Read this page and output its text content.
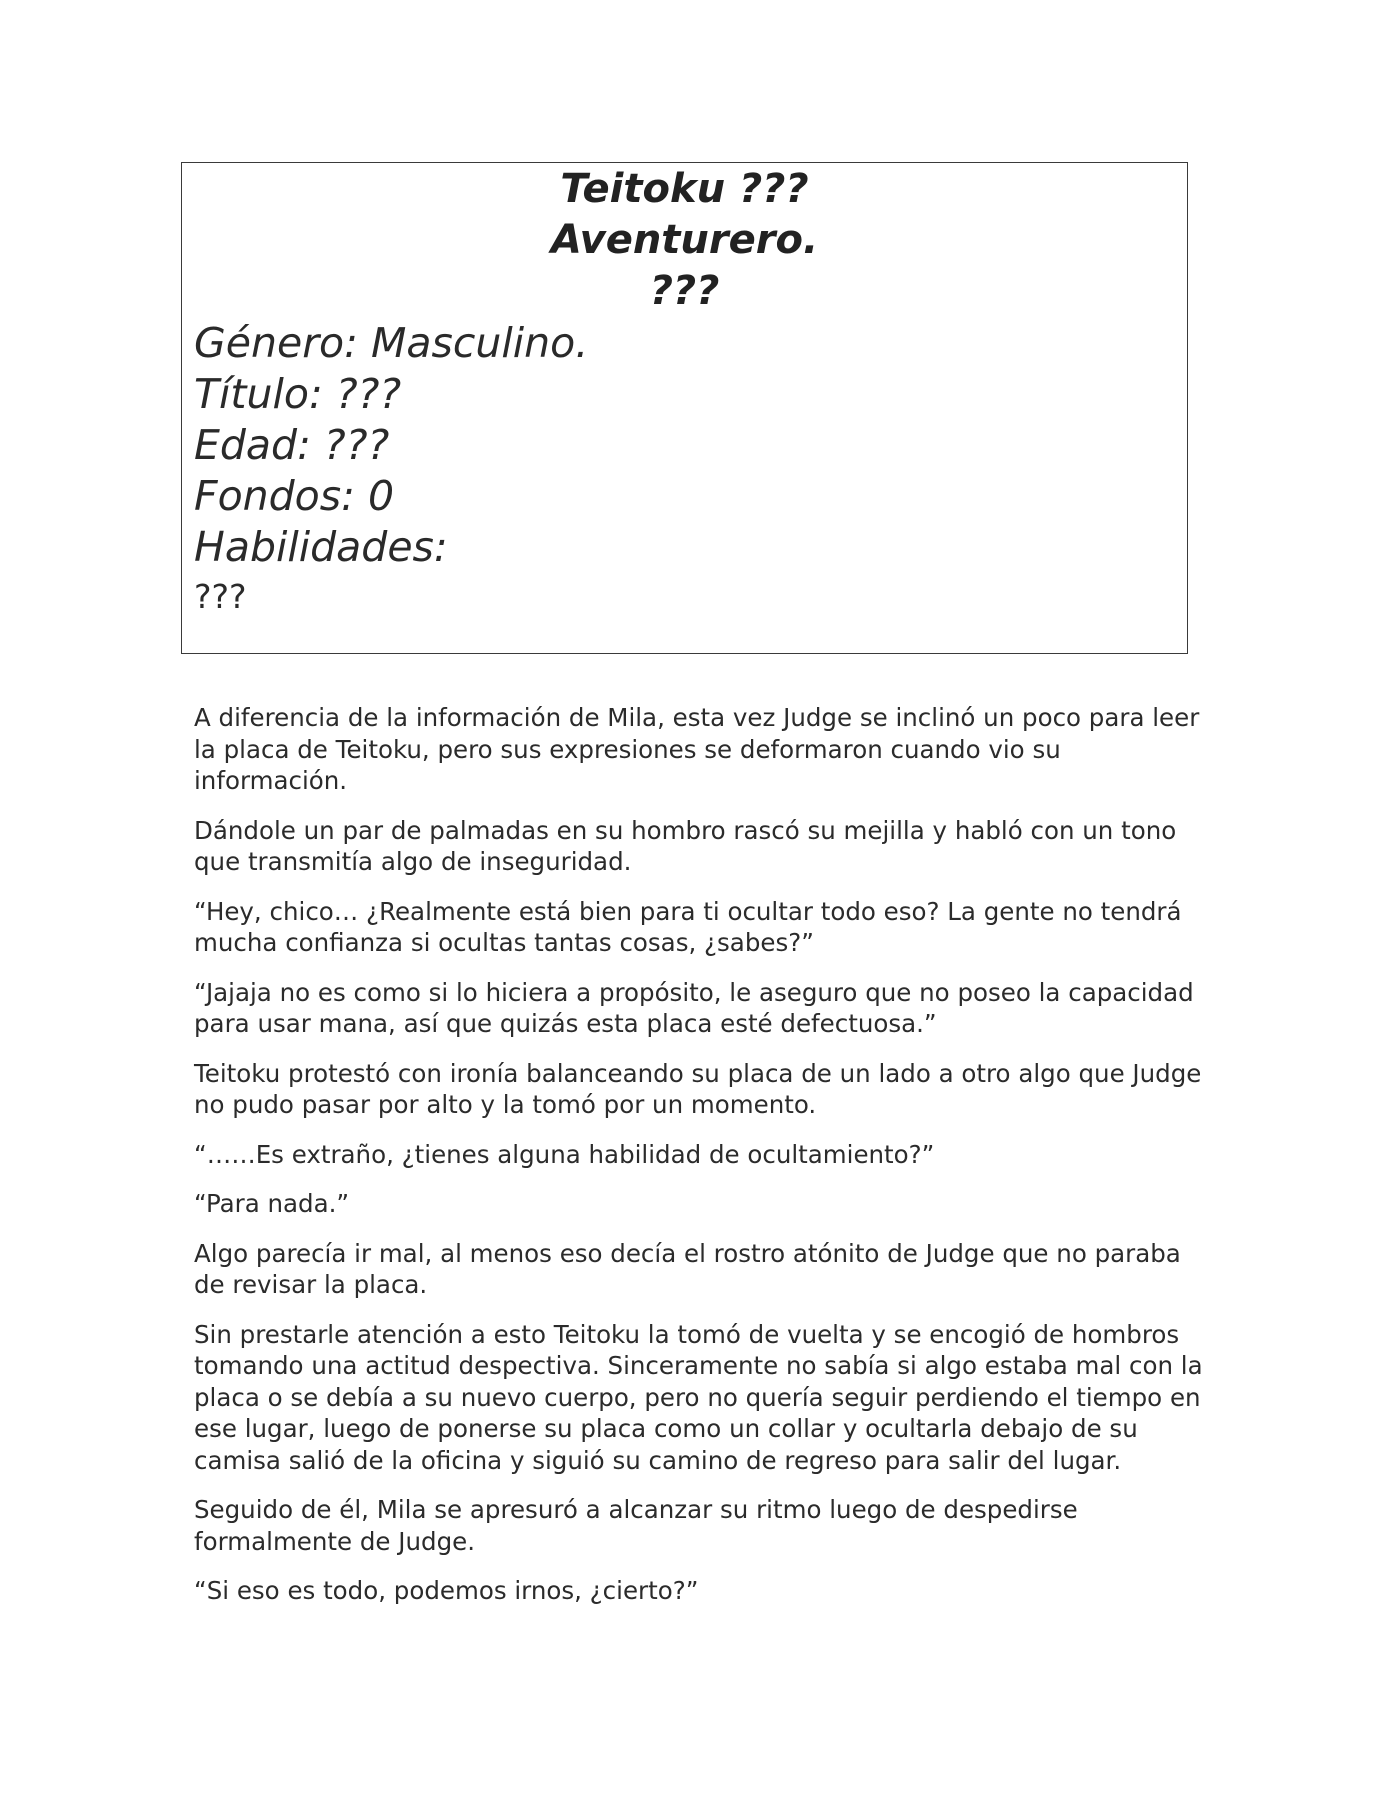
Teitoku ???
Aventurero.
???
Género: Masculino.
Título: ???
Edad: ???
Fondos: 0
Habilidades:
???

A diferencia de la información de Mila, esta vez Judge se inclinó un poco para leer la placa de Teitoku, pero sus expresiones se deformaron cuando vio su información.

Dándole un par de palmadas en su hombro rascó su mejilla y habló con un tono que transmitía algo de inseguridad.

“Hey, chico… ¿Realmente está bien para ti ocultar todo eso? La gente no tendrá mucha confianza si ocultas tantas cosas, ¿sabes?”

“Jajaja no es como si lo hiciera a propósito, le aseguro que no poseo la capacidad para usar mana, así que quizás esta placa esté defectuosa.”

Teitoku protestó con ironía balanceando su placa de un lado a otro algo que Judge no pudo pasar por alto y la tomó por un momento.

“……Es extraño, ¿tienes alguna habilidad de ocultamiento?”

“Para nada.”

Algo parecía ir mal, al menos eso decía el rostro atónito de Judge que no paraba de revisar la placa.

Sin prestarle atención a esto Teitoku la tomó de vuelta y se encogió de hombros tomando una actitud despectiva. Sinceramente no sabía si algo estaba mal con la placa o se debía a su nuevo cuerpo, pero no quería seguir perdiendo el tiempo en ese lugar, luego de ponerse su placa como un collar y ocultarla debajo de su camisa salió de la oficina y siguió su camino de regreso para salir del lugar.

Seguido de él, Mila se apresuró a alcanzar su ritmo luego de despedirse formalmente de Judge.

“Si eso es todo, podemos irnos, ¿cierto?”
